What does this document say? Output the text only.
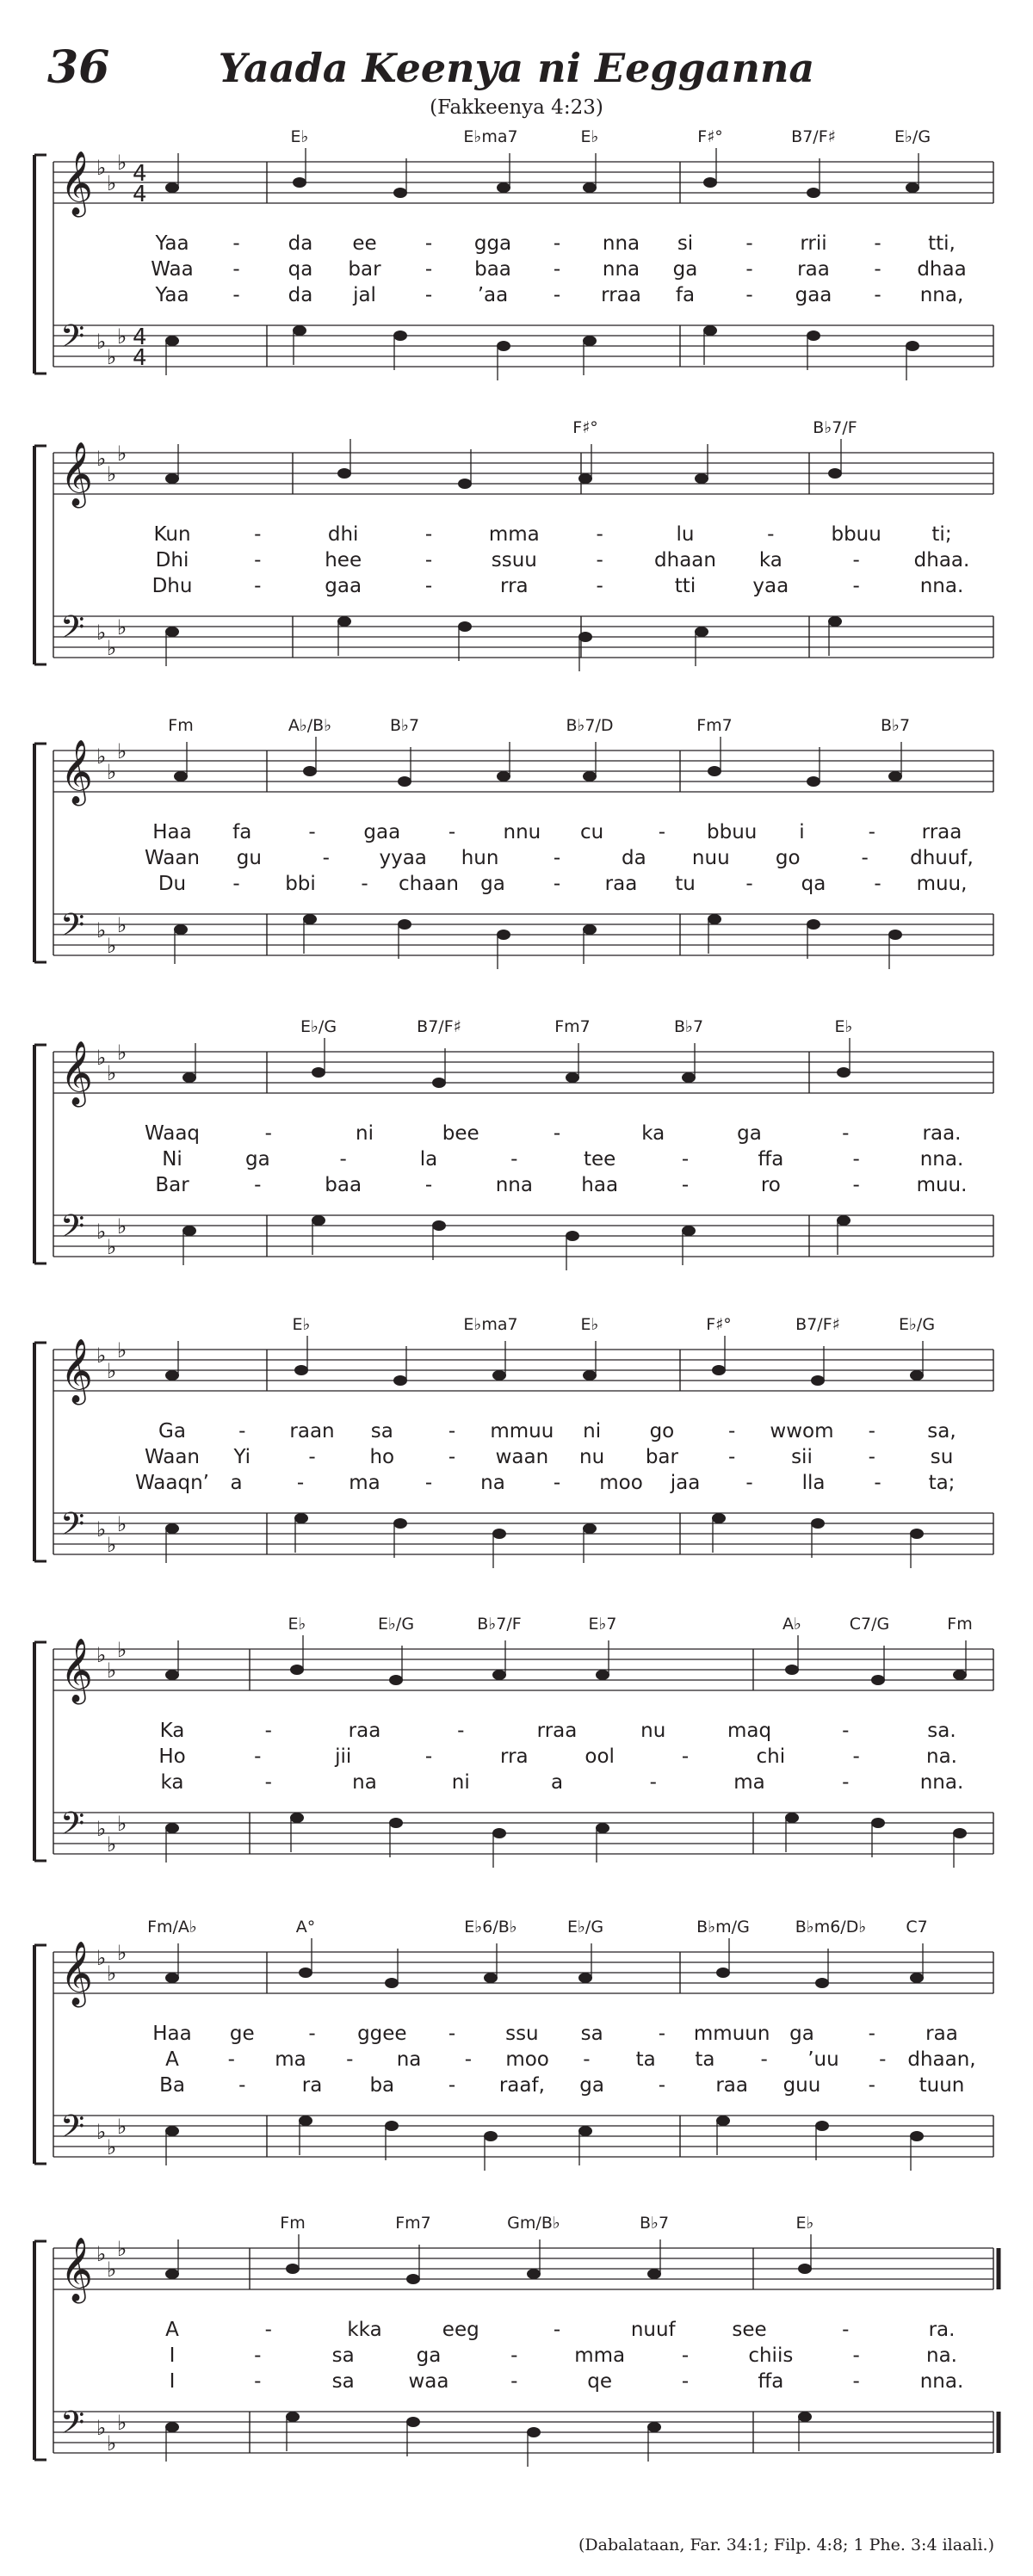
36	Yaada Keenya ni Eegganna
(Fakkeenya 4:23)
𝄞
𝄢
♭
♭
♭
♭
♭
♭
4
4
4
4
E♭	E♭ma7	E♭	F♯°	B7/F♯	E♭/G
Yaa - da ee - gga - nna si	- rrii - tti,
Waa - qa bar - baa - nna ga - raa - dhaa
Yaa - da jal - ’aa - rraa fa	- gaa - nna,
𝄞
𝄢
♭
♭
♭
♭
♭
♭
F♯°	B♭7/F
Kun	-	dhi	-	mma	-	lu	-	bbuu	ti;
Dhi	-	hee	-	ssuu	-	dhaan ka	-	dhaa.
Dhu	-	gaa	-	rra	-	tti	yaa	-	nna.
𝄞
𝄢
♭
♭
♭
♭
♭
♭
Fm	A♭/B♭	B♭7	B♭7/D	Fm7	B♭7
Haa fa	- gaa - nnu cu	- bbuu i	- rraa
Waan gu	-	yyaa hun	-	da nuu go	- dhuuf,
Du - bbi - chaan ga - raa tu	- qa - muu,
𝄞
𝄢
♭
♭
♭
♭
♭
♭
E♭/G	B7/F♯	Fm7	B♭7	E♭
Waaq	-	ni	bee	-	ka	ga	-	raa.
Ni	ga	-	la	-	tee	-	ffa	-	nna.
Bar	-	baa	-	nna haa	-	ro	-	muu.
𝄞
𝄢
♭
♭
♭
♭
♭
♭
E♭	E♭ma7	E♭	F♯°	B7/F♯	E♭/G
Ga	- raan sa	- mmuu ni go	- wwom -	sa,
Waan Yi	-	ho	- waan nu bar	-	sii	-	su
Waaqn’ a	- ma - na - moo jaa - lla - ta;
𝄞
𝄢
♭
♭
♭
♭
♭
♭
E♭	E♭/G	B♭7/F	E♭7	A♭	C7/G	Fm
Ka	-	raa	-	rraa	nu	maq	-	sa.
Ho	-	jii	-	rra	ool	-	chi	-	na.
ka	-	na	ni	a	-	ma	-	nna.
𝄞
𝄢
♭
♭
♭
♭
♭
♭
Fm/A♭	A°	E♭6/B♭	E♭/G	B♭m/G	B♭m6/D♭ C7
Haa ge	- ggee -	ssu sa	- mmuun ga	-	raa
A - ma - na - moo - ta ta - ’uu - dhaan,
Ba	-	ra ba	- raaf, ga	-	raa guu - tuun
𝄞
𝄢
♭
♭
♭
♭
♭
♭
Fm	Fm7	Gm/B♭	B♭7	E♭
A	-	kka	eeg	-	nuuf	see	-	ra.
I	-	sa	ga	-	mma	-	chiis	-	na.
I	-	sa	waa	-	qe	-	ffa	-	nna.
(Dabalataan, Far. 34:1; Filp. 4:8; 1 Phe. 3:4 ilaali.)
